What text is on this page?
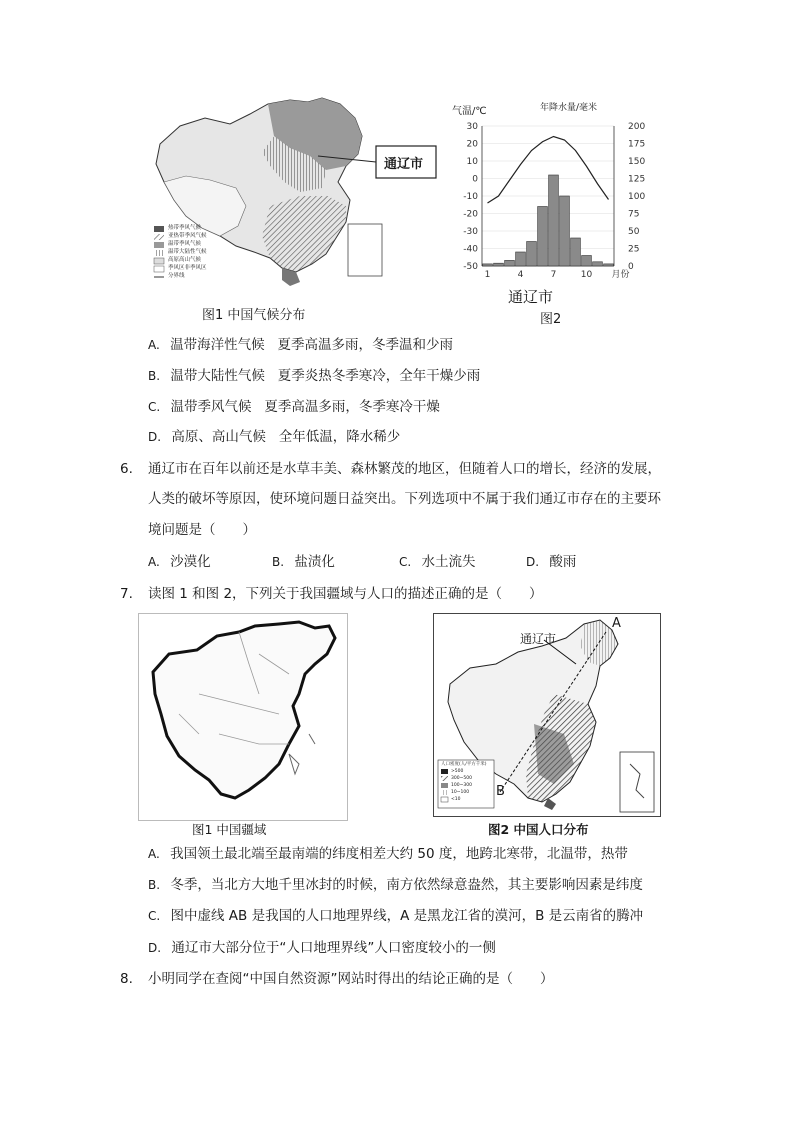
通辽市
热带季风气候
亚热带季风气候
温带季风气候
温带大陆性气候
高原高山气候
季风区非季风区
分界线
图1 中国气候分布
气温/℃	年降水量/毫米
30
20
10
0
-10
-20
-30
-40
-50
200
175
150
125
100
75
50
25
0
1	4	7	10 月份
通辽市
图2
A. 温带海洋性气候   夏季高温多雨，冬季温和少雨
B. 温带大陆性气候   夏季炎热冬季寒冷，全年干燥少雨
C. 温带季风气候   夏季高温多雨，冬季寒冷干燥
D. 高原、高山气候   全年低温，降水稀少
6. 通辽市在百年以前还是水草丰美、森林繁茂的地区，但随着人口的增长，经济的发展，
人类的破坏等原因，使环境问题日益突出。下列选项中不属于我们通辽市存在的主要环
境问题是（　　）
A. 沙漠化	B. 盐渍化	C. 水土流失	D. 酸雨
7. 读图 1 和图 2，下列关于我国疆域与人口的描述正确的是（　　）
图1 中国疆域
通辽市
A
B
人口密度(人/平方千米)
>500
300~500
100~300
10~100
<10
图2 中国人口分布
A. 我国领土最北端至最南端的纬度相差大约 50 度，地跨北寒带，北温带，热带
B. 冬季，当北方大地千里冰封的时候，南方依然绿意盎然，其主要影响因素是纬度
C. 图中虚线 AB 是我国的人口地理界线，A 是黑龙江省的漠河，B 是云南省的腾冲
D. 通辽市大部分位于“人口地理界线”人口密度较小的一侧
8. 小明同学在查阅“中国自然资源”网站时得出的结论正确的是（　　）
